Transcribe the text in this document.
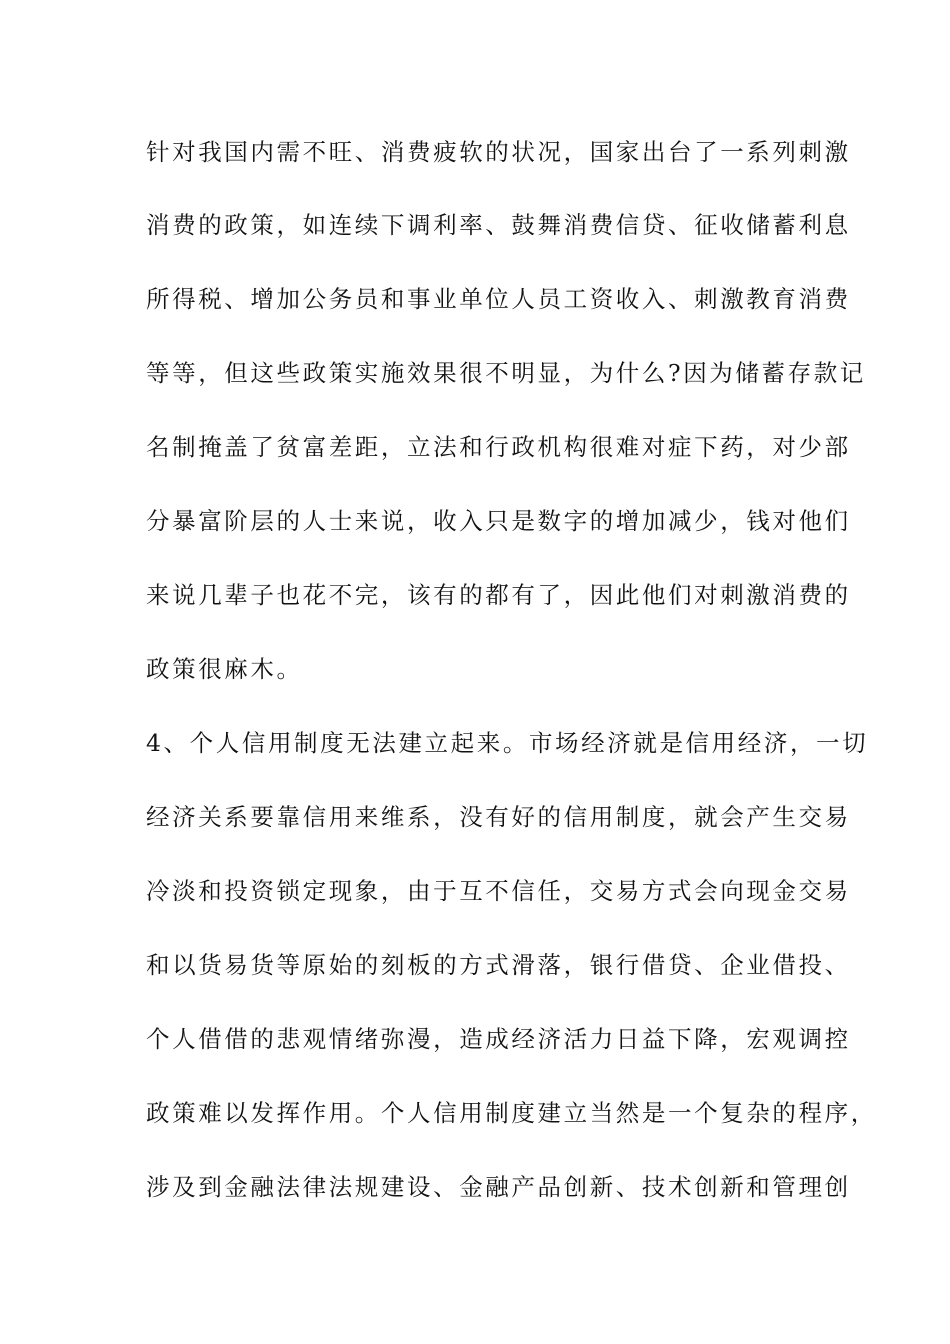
针对我国内需不旺、消费疲软的状况，国家出台了一系列刺激
消费的政策，如连续下调利率、鼓舞消费信贷、征收储蓄利息
所得税、增加公务员和事业单位人员工资收入、刺激教育消费
等等，但这些政策实施效果很不明显，为什么?因为储蓄存款记
名制掩盖了贫富差距，立法和行政机构很难对症下药，对少部
分暴富阶层的人士来说，收入只是数字的增加减少，钱对他们
来说几辈子也花不完，该有的都有了，因此他们对刺激消费的
政策很麻木。
4、个人信用制度无法建立起来。市场经济就是信用经济，一切
经济关系要靠信用来维系，没有好的信用制度，就会产生交易
冷淡和投资锁定现象，由于互不信任，交易方式会向现金交易
和以货易货等原始的刻板的方式滑落，银行借贷、企业借投、
个人借借的悲观情绪弥漫，造成经济活力日益下降，宏观调控
政策难以发挥作用。个人信用制度建立当然是一个复杂的程序，
涉及到金融法律法规建设、金融产品创新、技术创新和管理创
